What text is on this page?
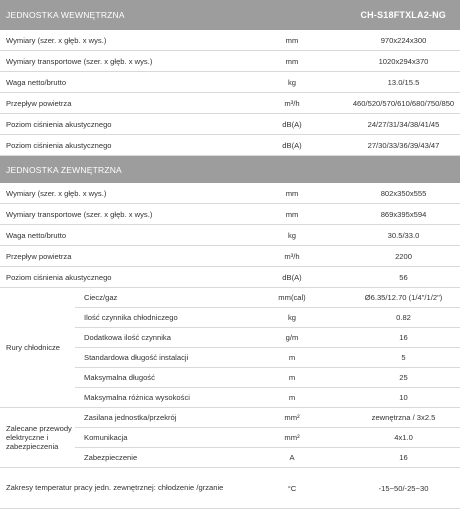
JEDNOSTKA WEWNĘTRZNA	CH-S18FTXLA2-NG
Wymiary (szer. x głęb. x wys.)	mm	970x224x300
Wymiary transportowe (szer. x głęb. x wys.)	mm	1020x294x370
Waga netto/brutto	kg	13.0/15.5
Przepływ powietrza	m³/h	460/520/570/610/680/750/850
Poziom ciśnienia akustycznego	dB(A)	24/27/31/34/38/41/45
Poziom ciśnienia akustycznego	dB(A)	27/30/33/36/39/43/47
JEDNOSTKA ZEWNĘTRZNA
Wymiary (szer. x głęb. x wys.)		mm	802x350x555
Wymiary transportowe (szer. x głęb. x wys.)		mm	869x395x594
Waga netto/brutto		kg	30.5/33.0
Przepływ powietrza		m³/h	2200
Poziom ciśnienia akustycznego		dB(A)	56
Rury chłodnicze	Ciecz/gaz	mm(cal)	Ø6.35/12.70 (1/4"/1/2")
	Ilość czynnika chłodniczego	kg	0.82
	Dodatkowa ilość czynnika	g/m	16
	Standardowa długość instalacji	m	5
	Maksymalna długość	m	25
	Maksymalna różnica wysokości	m	10
Zalecane przewody elektryczne i zabezpieczenia	Zasilana jednostka/przekrój	mm²	zewnętrzna / 3x2.5
	Komunikacja	mm²	4x1.0
	Zabezpieczenie	A	16
Zakresy temperatur pracy jedn. zewnętrznej: chłodzenie /grzanie		°C	-15~50/-25~30
